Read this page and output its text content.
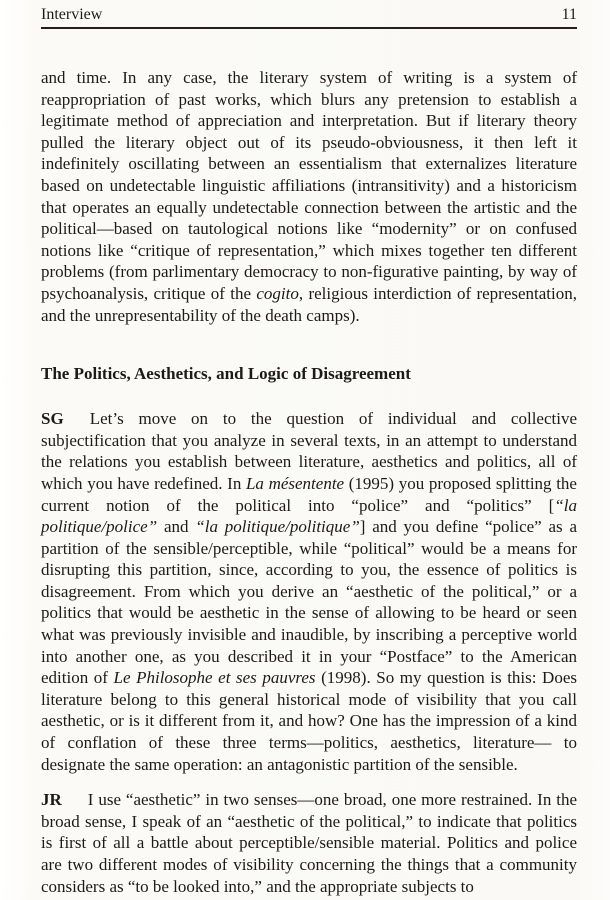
Interview	11

and time. In any case, the literary system of writing is a system of reappropriation of past works, which blurs any pretension to establish a legitimate method of appreciation and interpretation. But if literary theory pulled the literary object out of its pseudo-obviousness, it then left it indefinitely oscillating between an essentialism that externalizes literature based on undetectable linguistic affiliations (intransitivity) and a historicism that operates an equally undetectable connection between the artistic and the political—based on tautological notions like “modernity” or on confused notions like “critique of representation,” which mixes together ten different problems (from parlimentary democracy to non-figurative painting, by way of psychoanalysis, critique of the cogito, religious interdiction of representation, and the unrepresentability of the death camps).

The Politics, Aesthetics, and Logic of Disagreement

SG Let’s move on to the question of individual and collective subjectification that you analyze in several texts, in an attempt to understand the relations you establish between literature, aesthetics and politics, all of which you have redefined. In La mésentente (1995) you proposed splitting the current notion of the political into “police” and “politics” [“la politique/police” and “la politique/politique”] and you define “police” as a partition of the sensible/perceptible, while “political” would be a means for disrupting this partition, since, according to you, the essence of politics is disagreement. From which you derive an “aesthetic of the political,” or a politics that would be aesthetic in the sense of allowing to be heard or seen what was previously invisible and inaudible, by inscribing a perceptive world into another one, as you described it in your “Postface” to the American edition of Le Philosophe et ses pauvres (1998). So my question is this: Does literature belong to this general historical mode of visibility that you call aesthetic, or is it different from it, and how? One has the impression of a kind of conflation of these three terms—politics, aesthetics, literature— to designate the same operation: an antagonistic partition of the sensible.

JR I use “aesthetic” in two senses—one broad, one more restrained. In the broad sense, I speak of an “aesthetic of the political,” to indicate that politics is first of all a battle about perceptible/sensible material. Politics and police are two different modes of visibility concerning the things that a community considers as “to be looked into,” and the appropriate subjects to
